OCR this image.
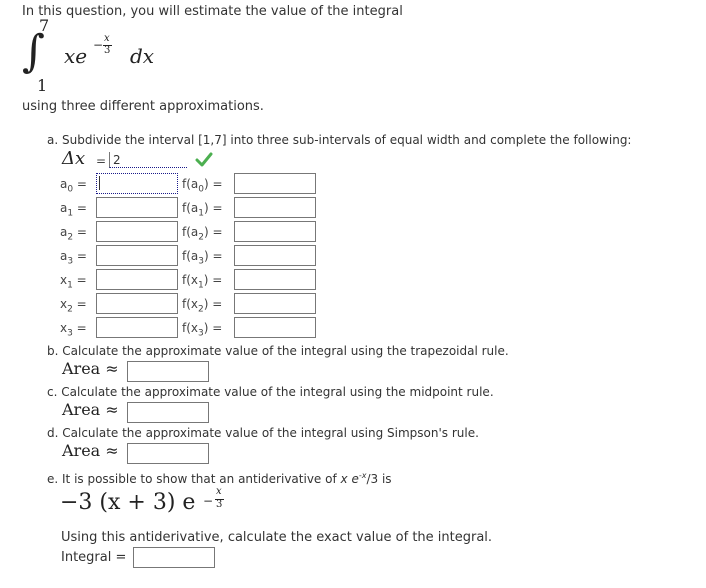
In this question, you will estimate the value of the integral
∫
7
1
xe − x
3 dx
using three different approximations.
a. Subdivide the interval [1,7] into three sub-intervals of equal width and complete the following:
Δx = 2
$a_0$ =	$f(a_0)$ =
$a_1$ =	$f(a_1)$ =
$a_2$ =	$f(a_2)$ =
$a_3$ =	$f(a_3)$ =
$x_1$ =	$f(x_1)$ =
$x_2$ =	$f(x_2)$ =
$x_3$ =	$f(x_3)$ =
b. Calculate the approximate value of the integral using the trapezoidal rule.
Area ≈
c. Calculate the approximate value of the integral using the midpoint rule.
Area ≈
d. Calculate the approximate value of the integral using Simpson's rule.
Area ≈
e. It is possible to show that an antiderivative of x $e^{-x}/3$ is
−3 (x + 3) e −
x
3
Using this antiderivative, calculate the exact value of the integral.
Integral =
